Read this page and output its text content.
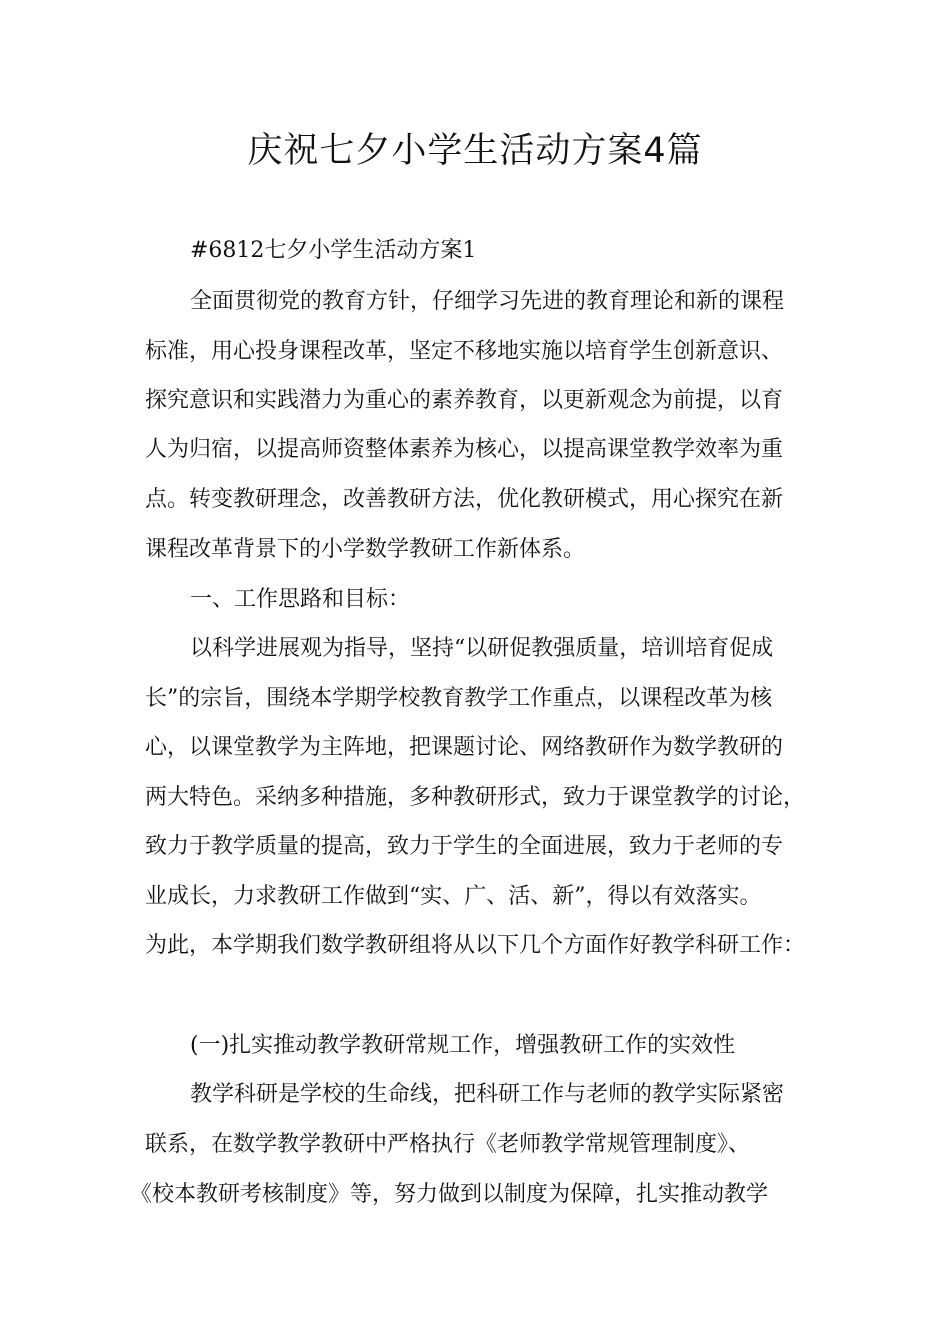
庆祝七夕小学生活动方案4篇

#6812七夕小学生活动方案1

全面贯彻党的教育方针，仔细学习先进的教育理论和新的课程

标准，用心投身课程改革，坚定不移地实施以培育学生创新意识、

探究意识和实践潜力为重心的素养教育，以更新观念为前提，以育

人为归宿，以提高师资整体素养为核心，以提高课堂教学效率为重

点。转变教研理念，改善教研方法，优化教研模式，用心探究在新

课程改革背景下的小学数学教研工作新体系。

一、工作思路和目标：

以科学进展观为指导，坚持“以研促教强质量，培训培育促成

长”的宗旨，围绕本学期学校教育教学工作重点，以课程改革为核

心，以课堂教学为主阵地，把课题讨论、网络教研作为数学教研的

两大特色。采纳多种措施，多种教研形式，致力于课堂教学的讨论，

致力于教学质量的提高，致力于学生的全面进展，致力于老师的专

业成长，力求教研工作做到“实、广、活、新”，得以有效落实。

为此，本学期我们数学教研组将从以下几个方面作好教学科研工作：

(一)扎实推动教学教研常规工作，增强教研工作的实效性

教学科研是学校的生命线，把科研工作与老师的教学实际紧密

联系，在数学教学教研中严格执行《老师教学常规管理制度》、

《校本教研考核制度》等，努力做到以制度为保障，扎实推动教学
